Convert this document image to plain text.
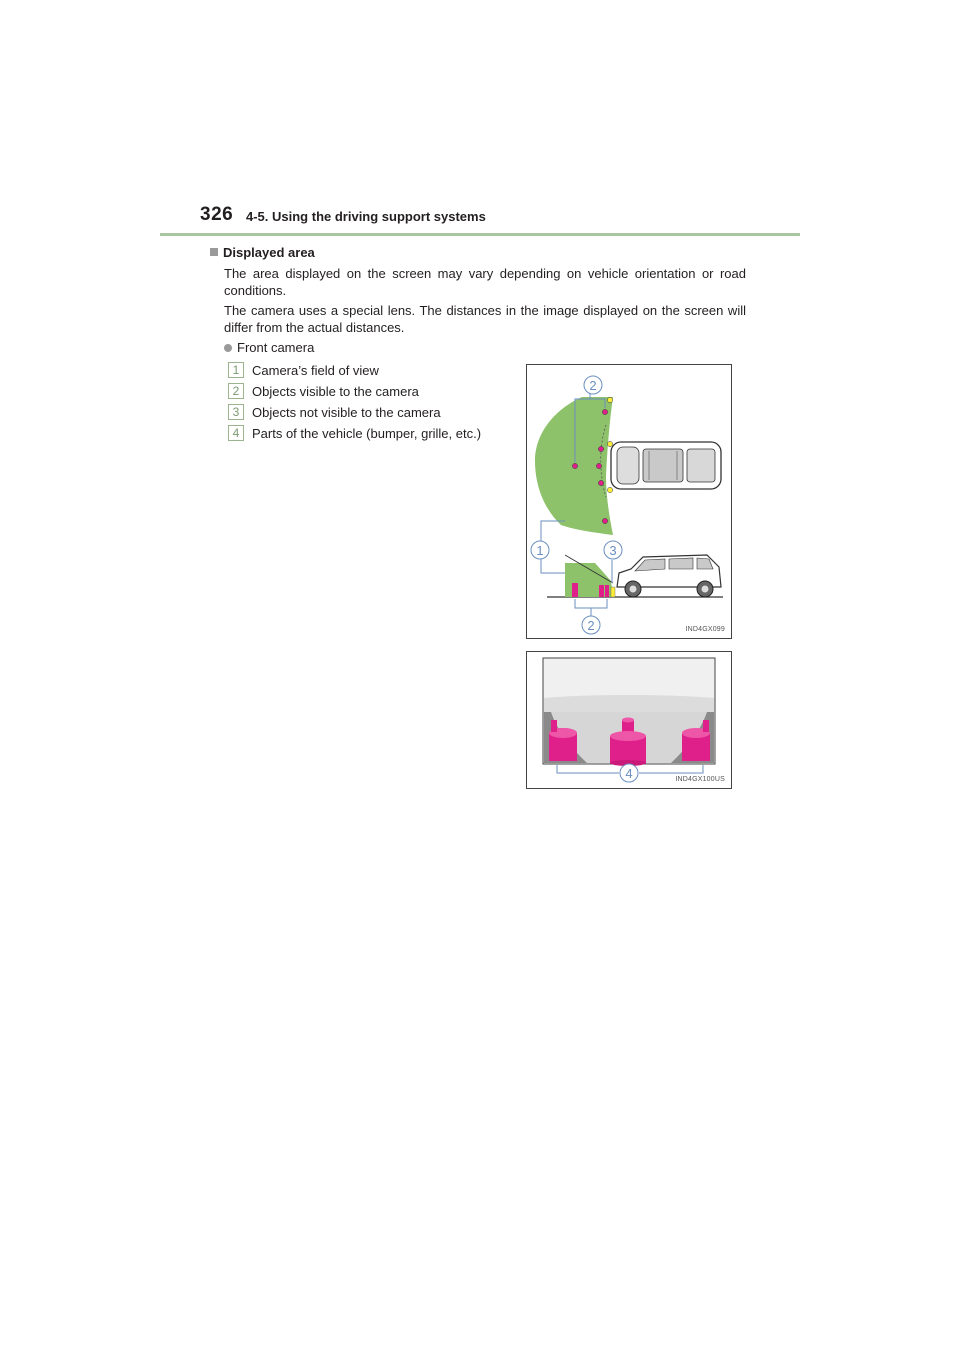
326 4-5. Using the driving support systems
Displayed area
The area displayed on the screen may vary depending on vehicle orientation or road conditions.
The camera uses a special lens. The distances in the image displayed on the screen will differ from the actual distances.
Front camera
1 Camera’s field of view
2 Objects visible to the camera
3 Objects not visible to the camera
4 Parts of the vehicle (bumper, grille, etc.)
2
1	3
2	IND4GX099
4	IND4GX100US
